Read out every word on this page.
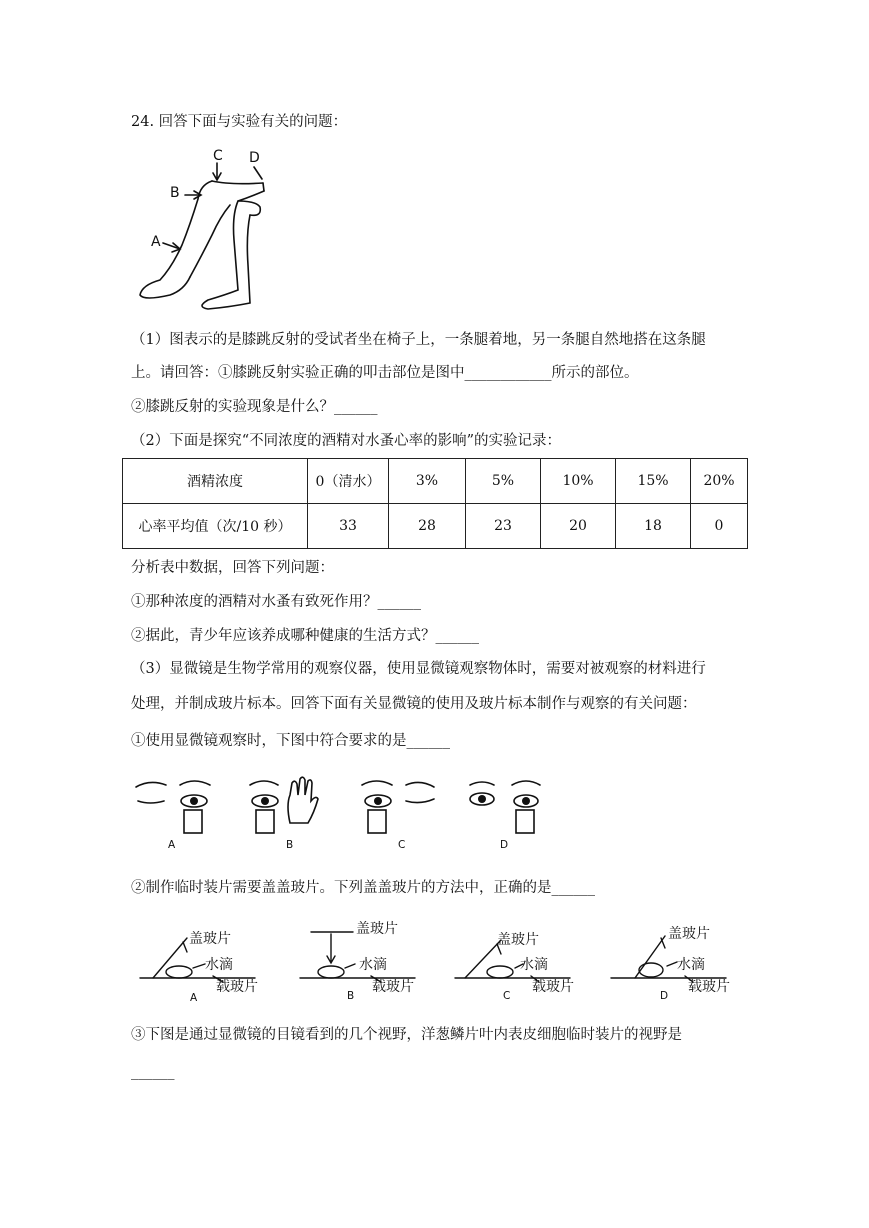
24. 回答下面与实验有关的问题：
C D
B
A
（1）图表示的是膝跳反射的受试者坐在椅子上，一条腿着地，另一条腿自然地搭在这条腿
上。请回答：①膝跳反射实验正确的叩击部位是图中____________所示的部位。
②膝跳反射的实验现象是什么？______
（2）下面是探究“不同浓度的酒精对水蚤心率的影响”的实验记录：
酒精浓度	0（清水）	3%	5%	10%	15%	20%
心率平均值（次/10 秒）	33	28	23	20	18	0
分析表中数据，回答下列问题：
①那种浓度的酒精对水蚤有致死作用？______
②据此，青少年应该养成哪种健康的生活方式？______
（3）显微镜是生物学常用的观察仪器，使用显微镜观察物体时，需要对被观察的材料进行
处理，并制成玻片标本。回答下面有关显微镜的使用及玻片标本制作与观察的有关问题：
①使用显微镜观察时，下图中符合要求的是______
A	B	C	D
②制作临时装片需要盖盖玻片。下列盖盖玻片的方法中，正确的是______
盖玻片
水滴
载玻片
盖玻片
水滴
载玻片
盖玻片
水滴
载玻片
盖玻片
水滴
载玻片
A	B	C	D
③下图是通过显微镜的目镜看到的几个视野，洋葱鳞片叶内表皮细胞临时装片的视野是
______
